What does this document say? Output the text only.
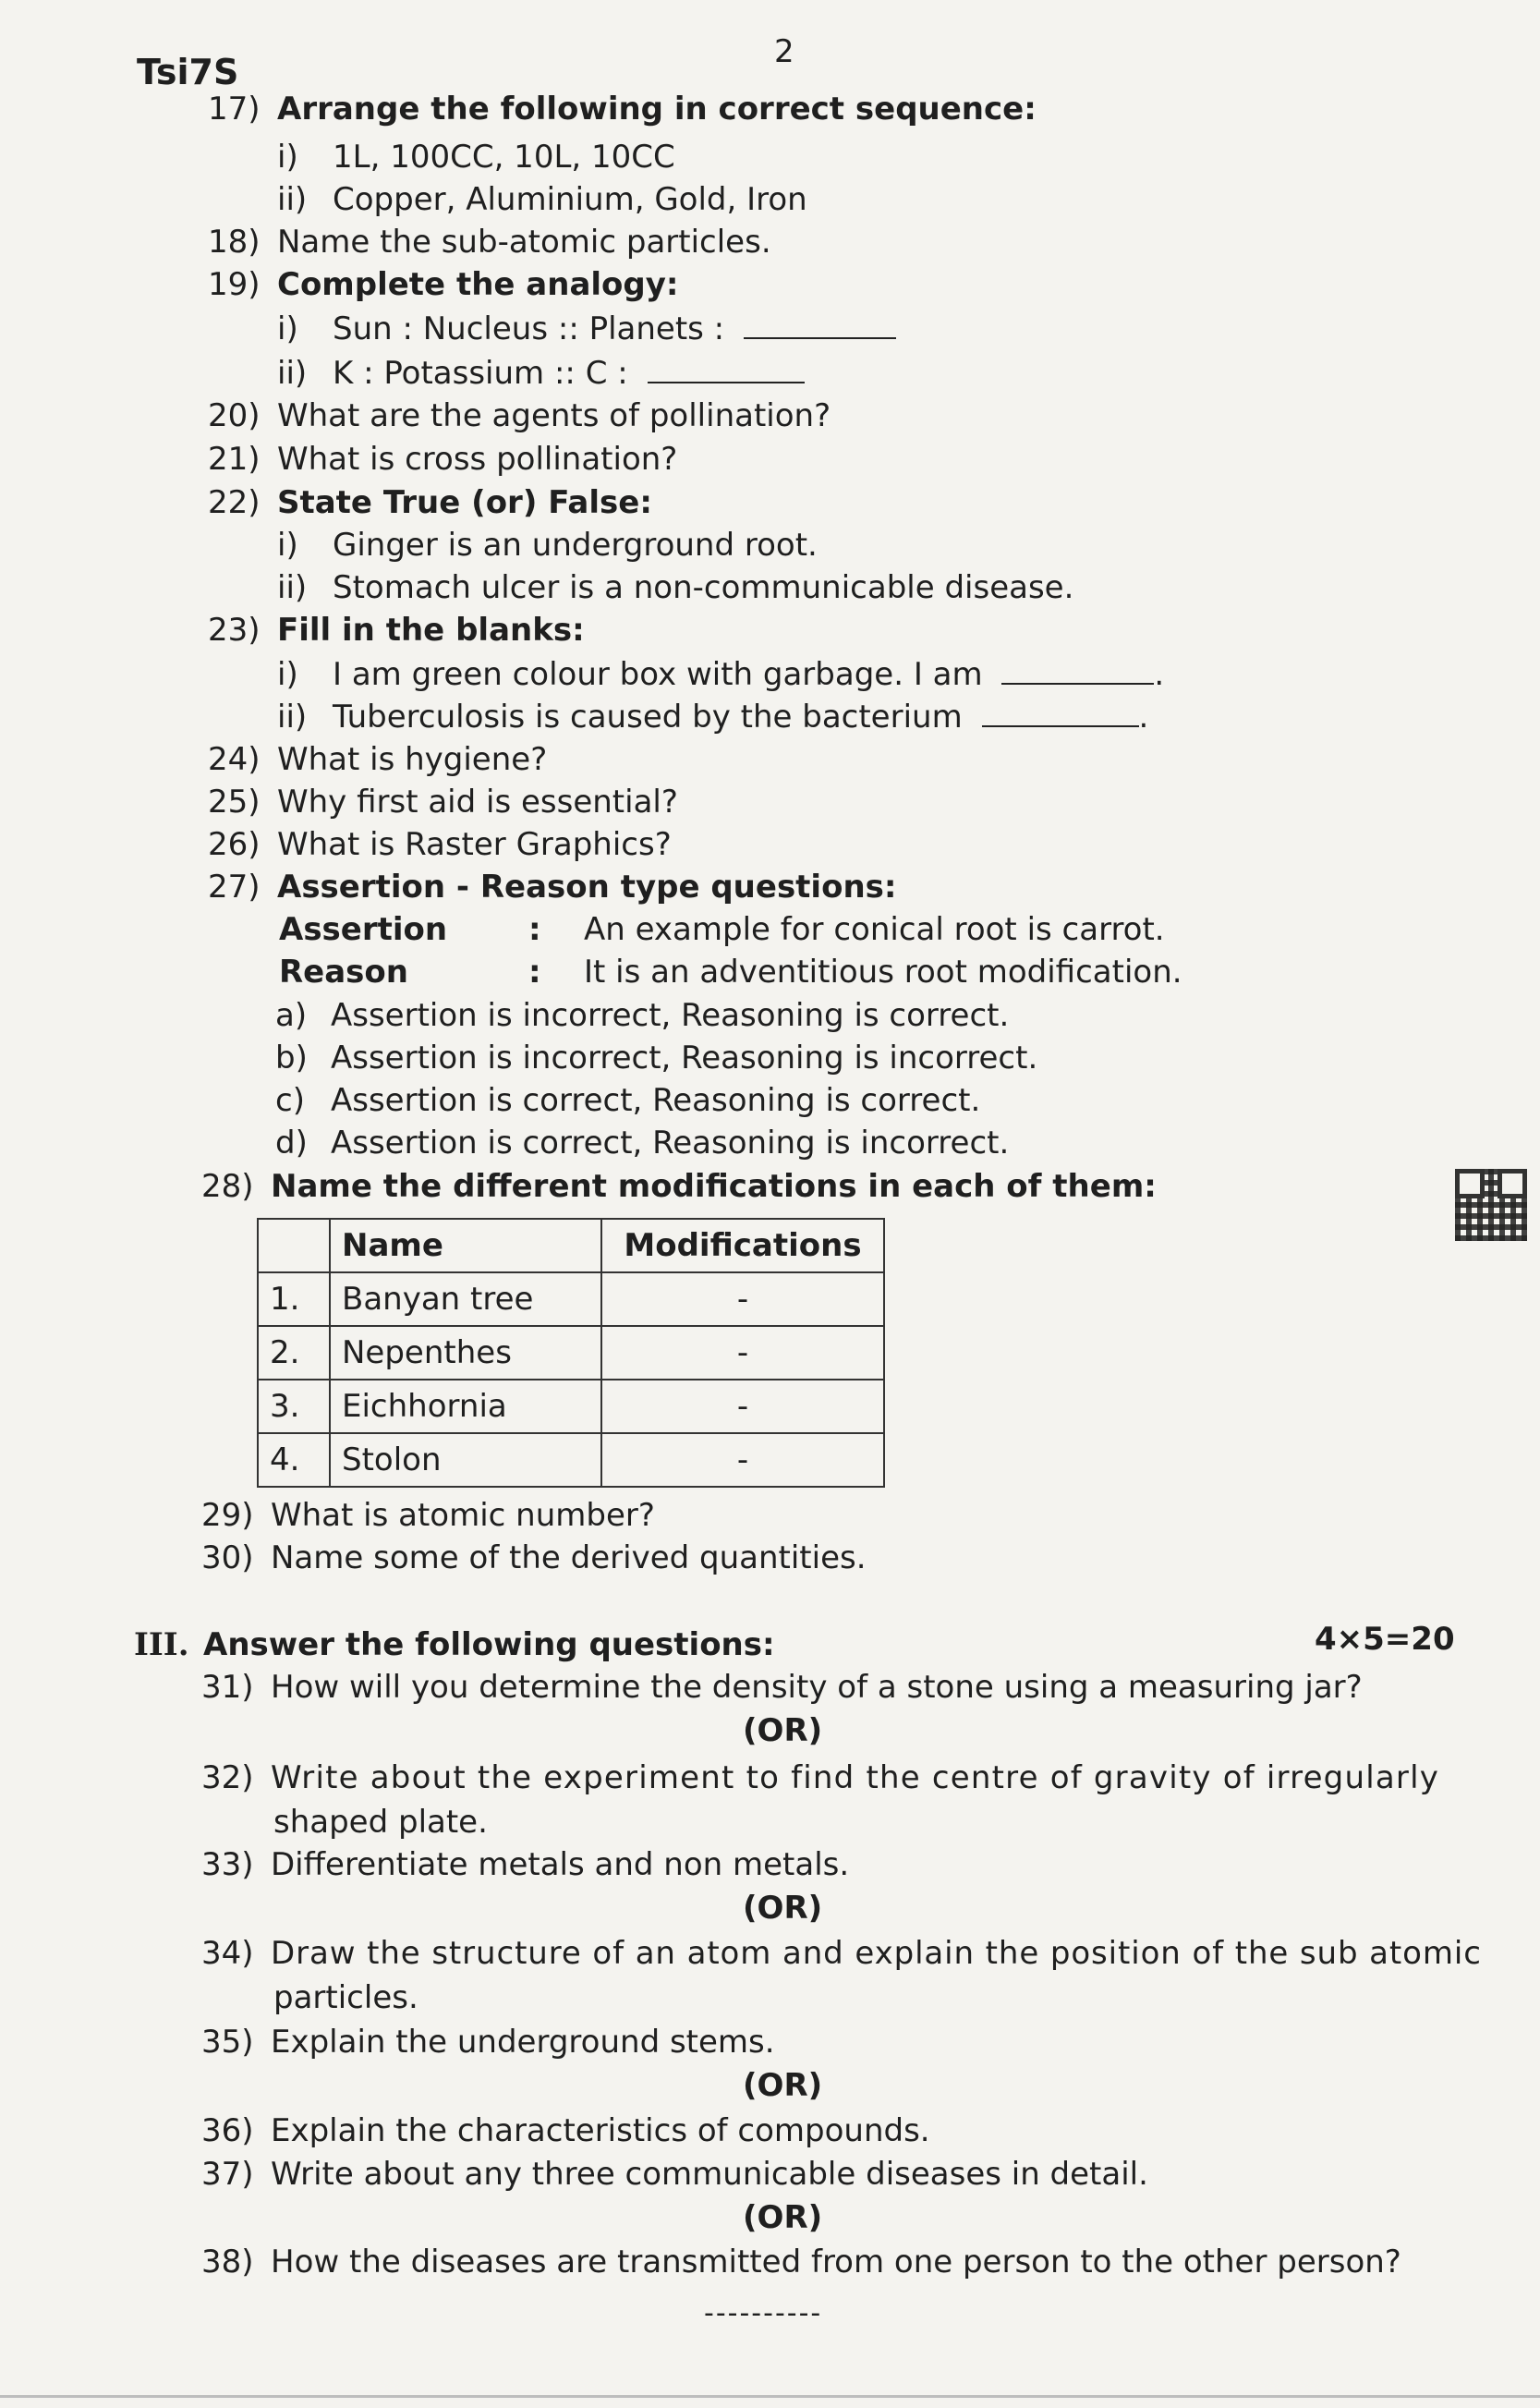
Tsi7S	2
17) Arrange the following in correct sequence:
i) 1L, 100CC, 10L, 10CC
ii) Copper, Aluminium, Gold, Iron
18) Name the sub-atomic particles.
19) Complete the analogy:
i) Sun : Nucleus :: Planets :
ii) K : Potassium :: C :
20) What are the agents of pollination?
21) What is cross pollination?
22) State True (or) False:
i) Ginger is an underground root.
ii) Stomach ulcer is a non-communicable disease.
23) Fill in the blanks:
i) I am green colour box with garbage. I am	.
ii) Tuberculosis is caused by the bacterium	.
24) What is hygiene?
25) Why first aid is essential?
26) What is Raster Graphics?
27) Assertion - Reason type questions:
Assertion	: An example for conical root is carrot.
Reason	: It is an adventitious root modification.
a) Assertion is incorrect, Reasoning is correct.
b) Assertion is incorrect, Reasoning is incorrect.
c) Assertion is correct, Reasoning is correct.
d) Assertion is correct, Reasoning is incorrect.
28) Name the different modifications in each of them:
	Name	Modifications
1.	Banyan tree	-
2.	Nepenthes	-
3.	Eichhornia	-
4.	Stolon	-
29) What is atomic number?
30) Name some of the derived quantities.
III. Answer the following questions:	4×5=20
31) How will you determine the density of a stone using a measuring jar?
(OR)
32) Write about the experiment to find the centre of gravity of irregularly
shaped plate.
33) Differentiate metals and non metals.
(OR)
34) Draw the structure of an atom and explain the position of the sub atomic
particles.
35) Explain the underground stems.
(OR)
36) Explain the characteristics of compounds.
37) Write about any three communicable diseases in detail.
(OR)
38) How the diseases are transmitted from one person to the other person?
----------
